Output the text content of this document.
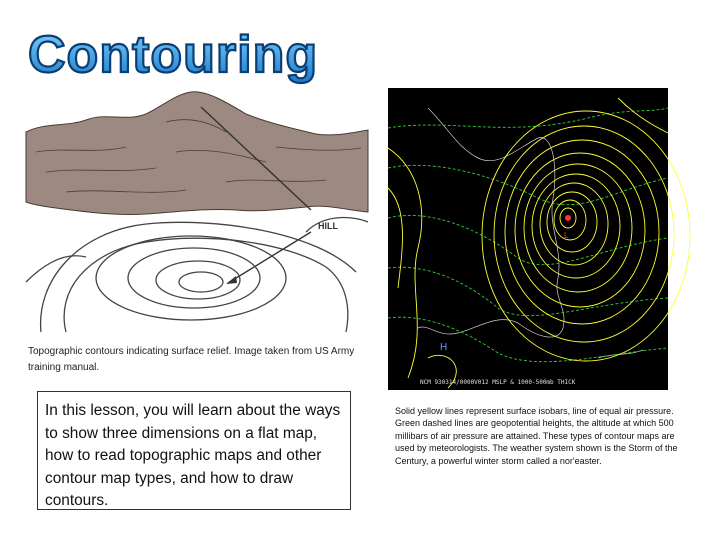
Contouring
HILL
Topographic contours indicating surface relief. Image taken from US Army training manual.
In this lesson, you will learn about the ways to show three dimensions on a flat map, how to read topographic maps and other contour map types, and how to draw contours.
L
H
NCM 930314/0000V012 MSLP & 1000-500mb THICK
Solid yellow lines represent surface isobars, line of equal air pressure. Green dashed lines are geopotential heights, the altitude at which 500 millibars of air pressure are attained. These types of contour maps are used by meteorologists. The weather system shown is the Storm of the Century, a powerful winter storm called a nor'easter.
